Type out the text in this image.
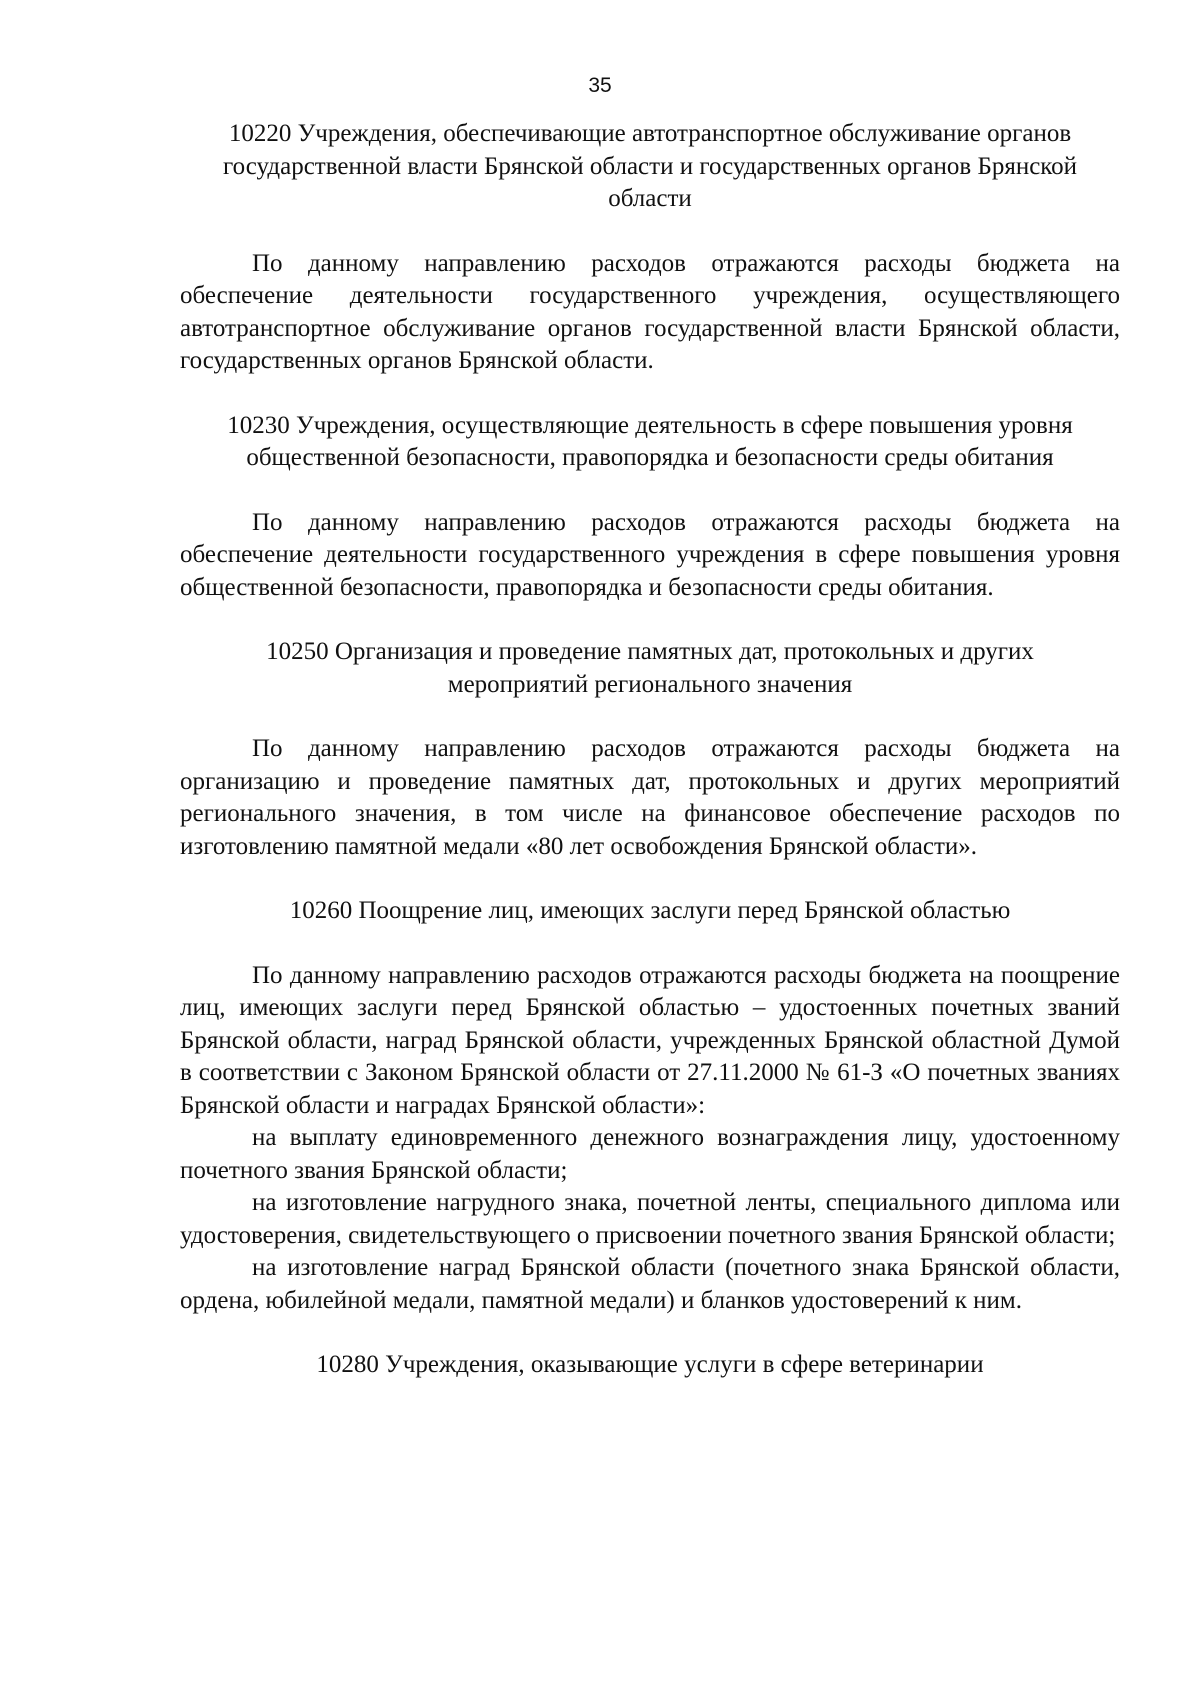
35

10220 Учреждения, обеспечивающие автотранспортное обслуживание органов государственной власти Брянской области и государственных органов Брянской области

По данному направлению расходов отражаются расходы бюджета на обеспечение деятельности государственного учреждения, осуществляющего автотранспортное обслуживание органов государственной власти Брянской области, государственных органов Брянской области.

10230 Учреждения, осуществляющие деятельность в сфере повышения уровня общественной безопасности, правопорядка и безопасности среды обитания

По данному направлению расходов отражаются расходы бюджета на обеспечение деятельности государственного учреждения в сфере повышения уровня общественной безопасности, правопорядка и безопасности среды обитания.

10250 Организация и проведение памятных дат, протокольных и других мероприятий регионального значения

По данному направлению расходов отражаются расходы бюджета на организацию и проведение памятных дат, протокольных и других мероприятий регионального значения, в том числе на финансовое обеспечение расходов по изготовлению памятной медали «80 лет освобождения Брянской области».

10260 Поощрение лиц, имеющих заслуги перед Брянской областью

По данному направлению расходов отражаются расходы бюджета на поощрение лиц, имеющих заслуги перед Брянской областью – удостоенных почетных званий Брянской области, наград Брянской области, учрежденных Брянской областной Думой в соответствии с Законом Брянской области от 27.11.2000 № 61-З «О почетных званиях Брянской области и наградах Брянской области»:

на выплату единовременного денежного вознаграждения лицу, удостоенному почетного звания Брянской области;

на изготовление нагрудного знака, почетной ленты, специального диплома или удостоверения, свидетельствующего о присвоении почетного звания Брянской области;

на изготовление наград Брянской области (почетного знака Брянской области, ордена, юбилейной медали, памятной медали) и бланков удостоверений к ним.

10280 Учреждения, оказывающие услуги в сфере ветеринарии
